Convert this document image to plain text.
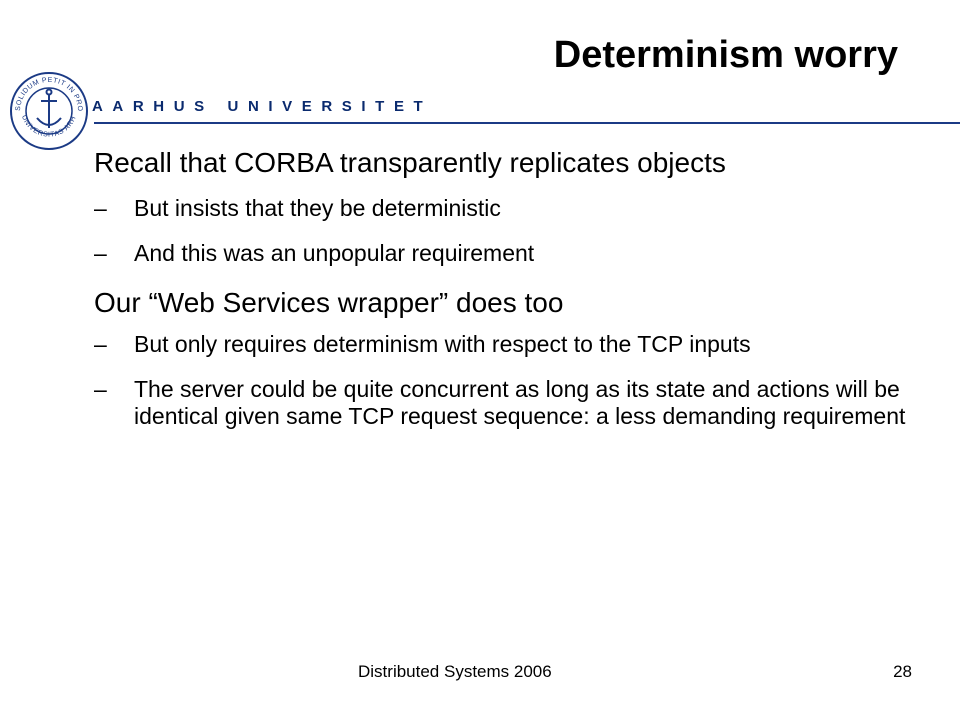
SOLIDUM PETIT IN PRO
UNIVERSITAS ARH
AARHUS UNIVERSITET
Determinism worry
Recall that CORBA transparently replicates objects
–	But insists that they be deterministic
–	And this was an unpopular requirement
Our “Web Services wrapper” does too
–	But only requires determinism with respect to the TCP inputs
–	The server could be quite concurrent as long as its state and actions will be identical given same TCP request sequence: a less demanding requirement
Distributed Systems 2006	28
